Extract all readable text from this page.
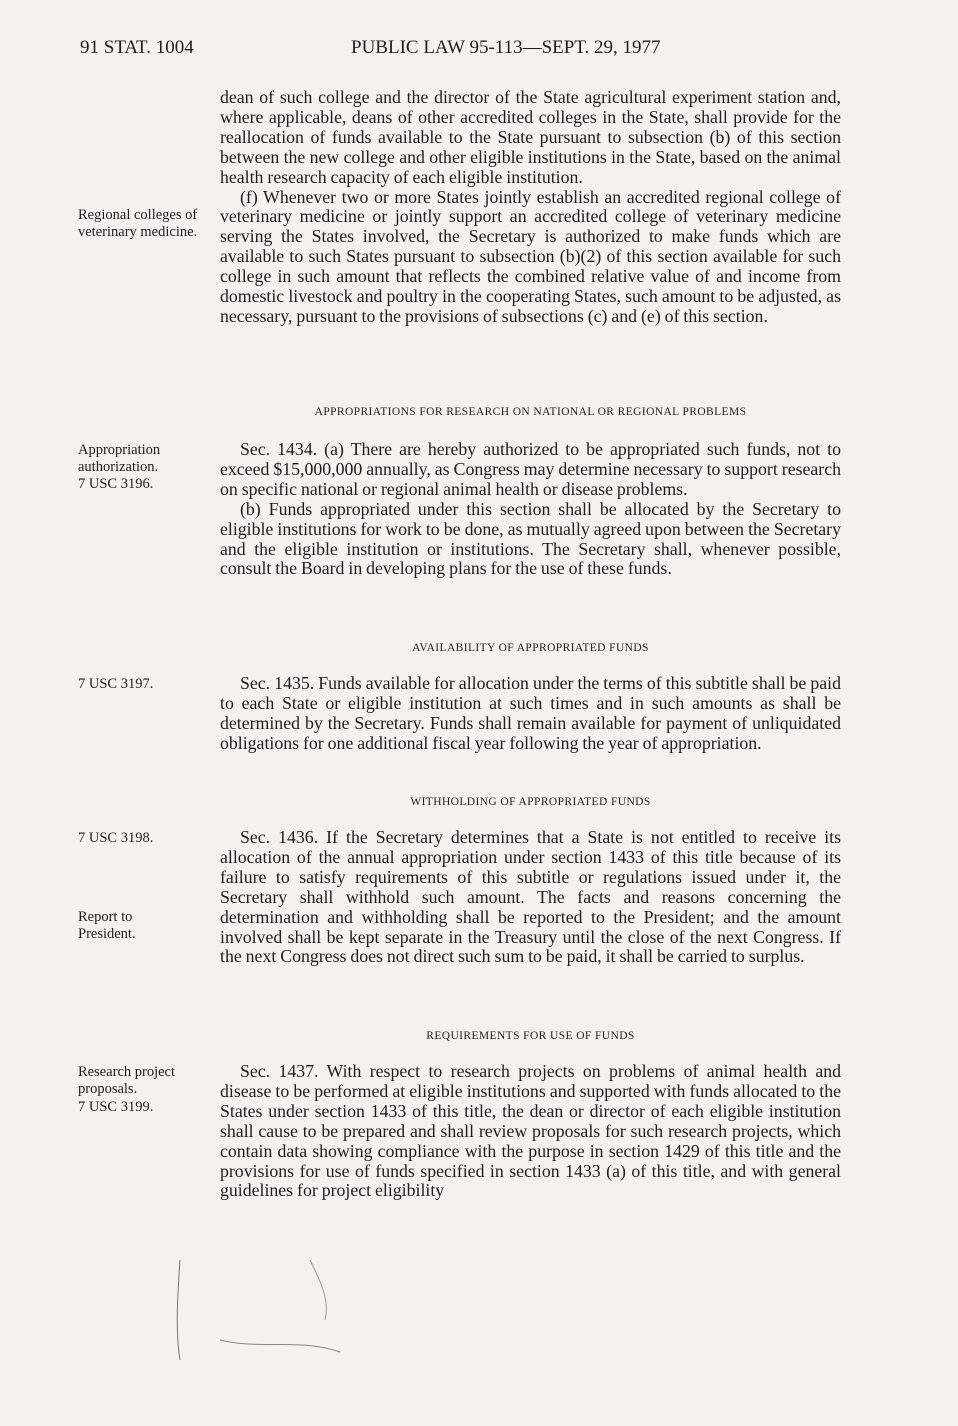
91 STAT. 1004	PUBLIC LAW 95-113—SEPT. 29, 1977
Regional colleges of veterinary medicine.
Appropriation authorization.
7 USC 3196.
7 USC 3197.
7 USC 3198.
Report to President.
Research project proposals.
7 USC 3199.

dean of such college and the director of the State agricultural experiment station and, where applicable, deans of other accredited colleges in the State, shall provide for the reallocation of funds available to the State pursuant to subsection (b) of this section between the new college and other eligible institutions in the State, based on the animal health research capacity of each eligible institution.

(f) Whenever two or more States jointly establish an accredited regional college of veterinary medicine or jointly support an accredited college of veterinary medicine serving the States involved, the Secretary is authorized to make funds which are available to such States pursuant to subsection (b)(2) of this section available for such college in such amount that reflects the combined relative value of and income from domestic livestock and poultry in the cooperating States, such amount to be adjusted, as necessary, pursuant to the provisions of subsections (c) and (e) of this section.

APPROPRIATIONS FOR RESEARCH ON NATIONAL OR REGIONAL PROBLEMS

Sec. 1434. (a) There are hereby authorized to be appropriated such funds, not to exceed $15,000,000 annually, as Congress may determine necessary to support research on specific national or regional animal health or disease problems.

(b) Funds appropriated under this section shall be allocated by the Secretary to eligible institutions for work to be done, as mutually agreed upon between the Secretary and the eligible institution or institutions. The Secretary shall, whenever possible, consult the Board in developing plans for the use of these funds.

AVAILABILITY OF APPROPRIATED FUNDS

Sec. 1435. Funds available for allocation under the terms of this subtitle shall be paid to each State or eligible institution at such times and in such amounts as shall be determined by the Secretary. Funds shall remain available for payment of unliquidated obligations for one additional fiscal year following the year of appropriation.

WITHHOLDING OF APPROPRIATED FUNDS

Sec. 1436. If the Secretary determines that a State is not entitled to receive its allocation of the annual appropriation under section 1433 of this title because of its failure to satisfy requirements of this subtitle or regulations issued under it, the Secretary shall withhold such amount. The facts and reasons concerning the determination and withholding shall be reported to the President; and the amount involved shall be kept separate in the Treasury until the close of the next Congress. If the next Congress does not direct such sum to be paid, it shall be carried to surplus.

REQUIREMENTS FOR USE OF FUNDS

Sec. 1437. With respect to research projects on problems of animal health and disease to be performed at eligible institutions and supported with funds allocated to the States under section 1433 of this title, the dean or director of each eligible institution shall cause to be prepared and shall review proposals for such research projects, which contain data showing compliance with the purpose in section 1429 of this title and the provisions for use of funds specified in section 1433 (a) of this title, and with general guidelines for project eligibility
